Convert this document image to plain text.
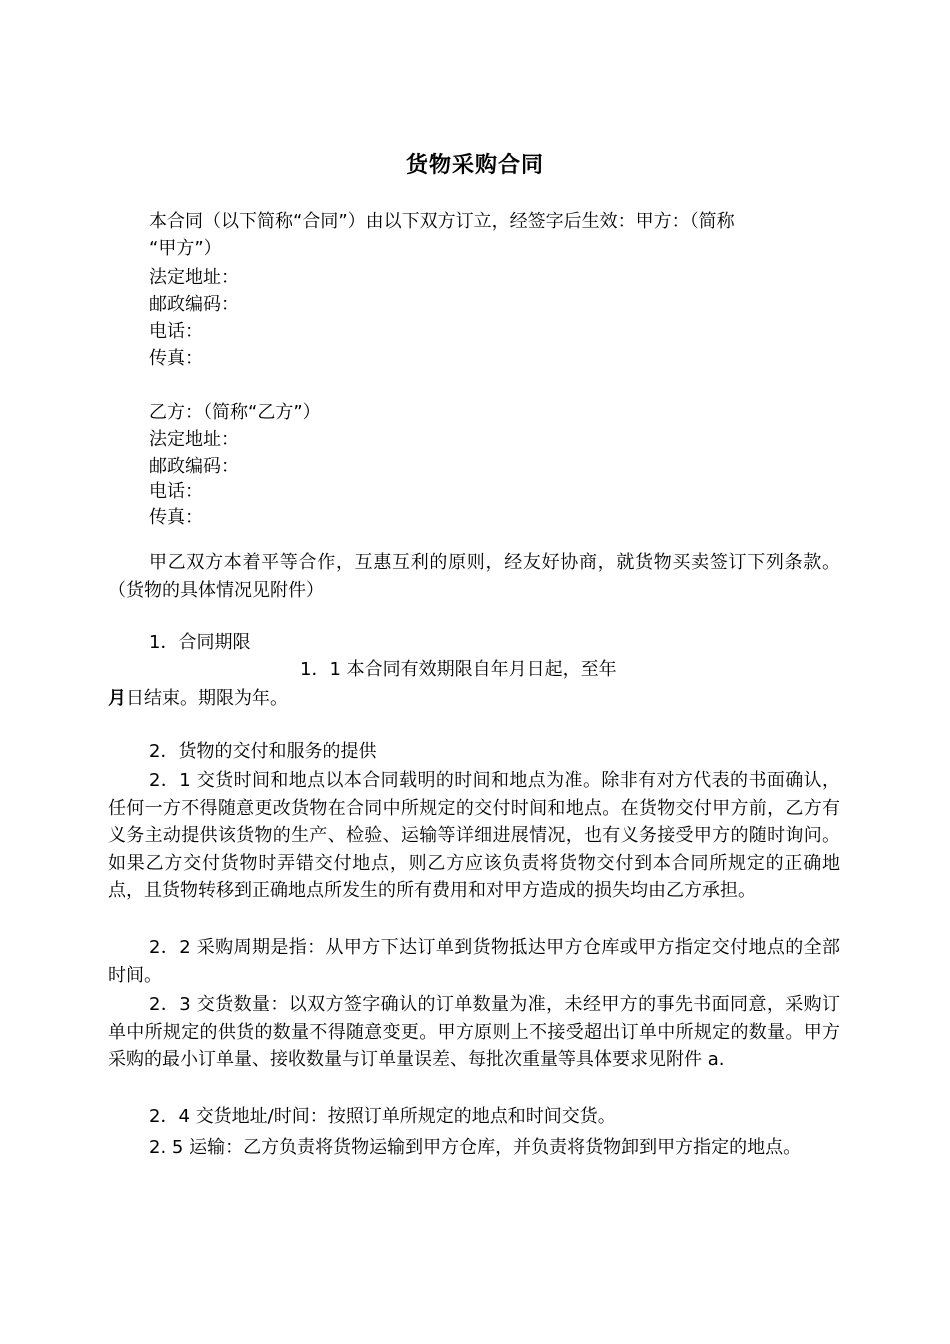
货物采购合同
本合同（以下简称“合同”）由以下双方订立，经签字后生效：甲方：（简称
“甲方”）
法定地址：
邮政编码：
电话：
传真：
乙方：（简称“乙方”）
法定地址：
邮政编码：
电话：
传真：
甲乙双方本着平等合作，互惠互利的原则，经友好协商，就货物买卖签订下列条款。（货物的具体情况见附件）
1．合同期限
1．1 本合同有效期限自年月日起，至年
月日结束。期限为年。
2．货物的交付和服务的提供
2．1 交货时间和地点以本合同载明的时间和地点为准。除非有对方代表的书面确认，任何一方不得随意更改货物在合同中所规定的交付时间和地点。在货物交付甲方前，乙方有义务主动提供该货物的生产、检验、运输等详细进展情况，也有义务接受甲方的随时询问。如果乙方交付货物时弄错交付地点，则乙方应该负责将货物交付到本合同所规定的正确地点，且货物转移到正确地点所发生的所有费用和对甲方造成的损失均由乙方承担。
2．2 采购周期是指：从甲方下达订单到货物抵达甲方仓库或甲方指定交付地点的全部时间。
2．3 交货数量：以双方签字确认的订单数量为准，未经甲方的事先书面同意，采购订单中所规定的供货的数量不得随意变更。甲方原则上不接受超出订单中所规定的数量。甲方采购的最小订单量、接收数量与订单量误差、每批次重量等具体要求见附件 a.
2．4 交货地址/时间：按照订单所规定的地点和时间交货。
2. 5 运输：乙方负责将货物运输到甲方仓库，并负责将货物卸到甲方指定的地点。
